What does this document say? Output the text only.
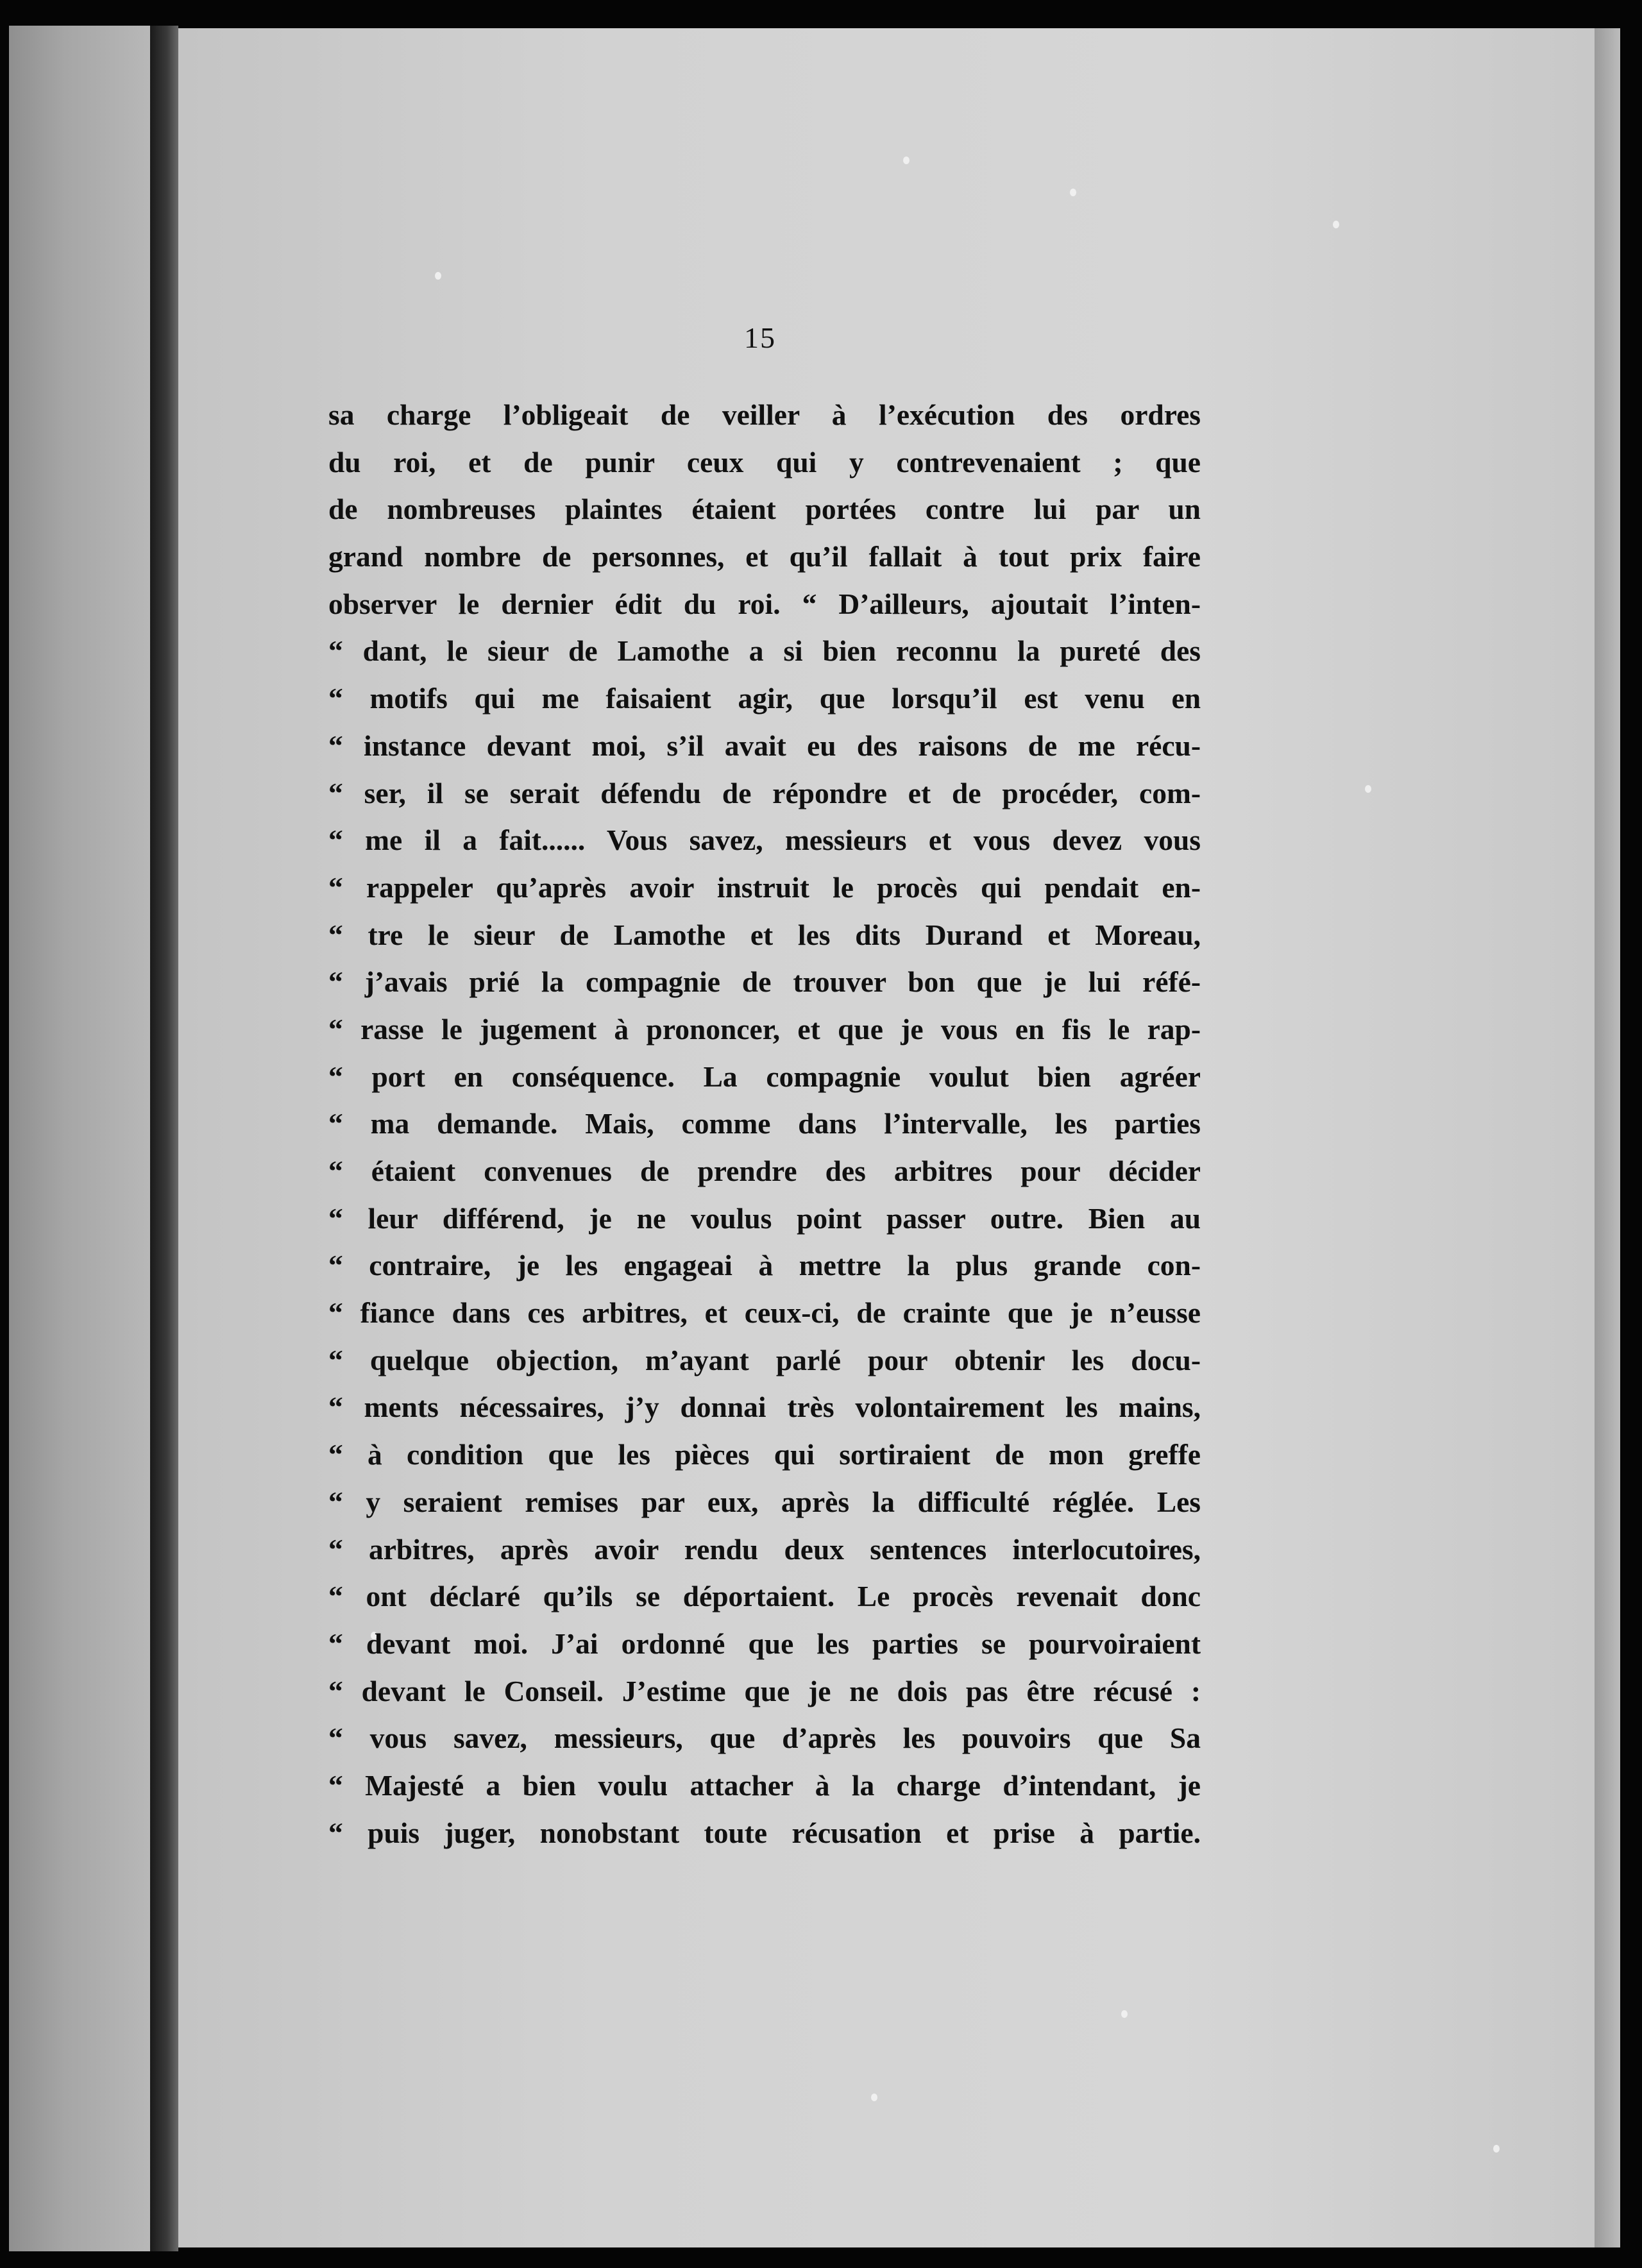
15
sa charge l’obligeait de veiller à l’exécution des ordres
du roi, et de punir ceux qui y contrevenaient ; que
de nombreuses plaintes étaient portées contre lui par un
grand nombre de personnes, et qu’il fallait à tout prix faire
observer le dernier édit du roi. “ D’ailleurs, ajoutait l’inten-
“ dant, le sieur de Lamothe a si bien reconnu la pureté des
“ motifs qui me faisaient agir, que lorsqu’il est venu en
“ instance devant moi, s’il avait eu des raisons de me récu-
“ ser, il se serait défendu de répondre et de procéder, com-
“ me il a fait...... Vous savez, messieurs et vous devez vous
“ rappeler qu’après avoir instruit le procès qui pendait en-
“ tre le sieur de Lamothe et les dits Durand et Moreau,
“ j’avais prié la compagnie de trouver bon que je lui réfé-
“ rasse le jugement à prononcer, et que je vous en fis le rap-
“ port en conséquence. La compagnie voulut bien agréer
“ ma demande. Mais, comme dans l’intervalle, les parties
“ étaient convenues de prendre des arbitres pour décider
“ leur différend, je ne voulus point passer outre. Bien au
“ contraire, je les engageai à mettre la plus grande con-
“ fiance dans ces arbitres, et ceux-ci, de crainte que je n’eusse
“ quelque objection, m’ayant parlé pour obtenir les docu-
“ ments nécessaires, j’y donnai très volontairement les mains,
“ à condition que les pièces qui sortiraient de mon greffe
“ y seraient remises par eux, après la difficulté réglée. Les
“ arbitres, après avoir rendu deux sentences interlocutoires,
“ ont déclaré qu’ils se déportaient. Le procès revenait donc
“ devant moi. J’ai ordonné que les parties se pourvoiraient
“ devant le Conseil. J’estime que je ne dois pas être récusé :
“ vous savez, messieurs, que d’après les pouvoirs que Sa
“ Majesté a bien voulu attacher à la charge d’intendant, je
“ puis juger, nonobstant toute récusation et prise à partie.
